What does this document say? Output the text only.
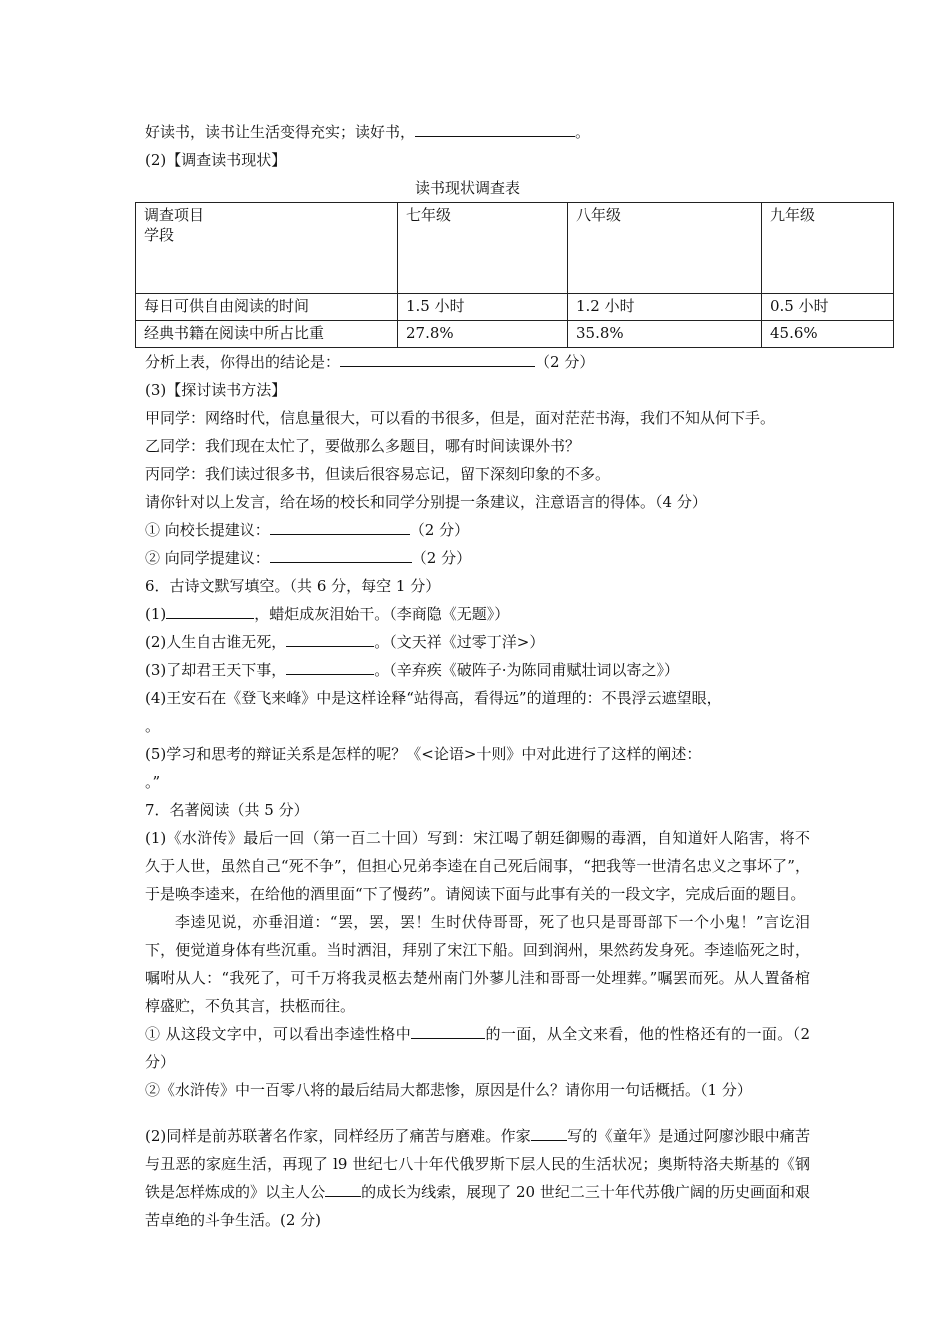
好读书，读书让生活变得充实；读好书，	。
(2)【调查读书现状】
读书现状调查表
调查项目
学段	七年级	八年级	九年级
每日可供自由阅读的时间	1.5 小时	1.2 小时	0.5 小时
经典书籍在阅读中所占比重	27.8%	35.8%	45.6%
分析上表，你得出的结论是：	（2 分）
(3)【探讨读书方法】
甲同学：网络时代，信息量很大，可以看的书很多，但是，面对茫茫书海，我们不知从何下手。
乙同学：我们现在太忙了，要做那么多题目，哪有时间读课外书？
丙同学：我们读过很多书，但读后很容易忘记，留下深刻印象的不多。
请你针对以上发言，给在场的校长和同学分别提一条建议，注意语言的得体。（4 分）
① 向校长提建议：	（2 分）
② 向同学提建议：	（2 分）
6．古诗文默写填空。（共 6 分，每空 1 分）
(1)	，蜡炬成灰泪始干。（李商隐《无题》）
(2)人生自古谁无死，	。（文天祥《过零丁洋>）
(3)了却君王天下事，	。（辛弃疾《破阵子·为陈同甫赋壮词以寄之》）
(4)王安石在《登飞来峰》中是这样诠释“站得高，看得远”的道理的：不畏浮云遮望眼，
。
(5)学习和思考的辩证关系是怎样的呢？《<论语>十则》中对此进行了这样的阐述：
。”
7．名著阅读（共 5 分）
(1)《水浒传》最后一回（第一百二十回）写到：宋江喝了朝廷御赐的毒酒，自知道奸人陷害，将不久于人世，虽然自己“死不争”，但担心兄弟李逵在自己死后闹事，“把我等一世清名忠义之事坏了”，于是唤李逵来，在给他的酒里面“下了慢药”。请阅读下面与此事有关的一段文字，完成后面的题目。
李逵见说，亦垂泪道：“罢，罢，罢！生时伏侍哥哥，死了也只是哥哥部下一个小鬼！”言讫泪下，便觉道身体有些沉重。当时洒泪，拜别了宋江下船。回到润州，果然药发身死。李逵临死之时，嘱咐从人：“我死了，可千万将我灵柩去楚州南门外蓼儿洼和哥哥一处埋葬。”嘱罢而死。从人置备棺椁盛贮，不负其言，扶柩而往。
① 从这段文字中，可以看出李逵性格中	的一面，从全文来看，他的性格还有的一面。（2 分）
②《水浒传》中一百零八将的最后结局大都悲惨，原因是什么？请你用一句话概括。（1 分）
(2)同样是前苏联著名作家，同样经历了痛苦与磨难。作家 写的《童年》是通过阿廖沙眼中痛苦与丑恶的家庭生活，再现了 l9 世纪七八十年代俄罗斯下层人民的生活状况；奥斯特洛夫斯基的《钢铁是怎样炼成的》以主人公 的成长为线索，展现了 20 世纪二三十年代苏俄广阔的历史画面和艰苦卓绝的斗争生活。(2 分)
